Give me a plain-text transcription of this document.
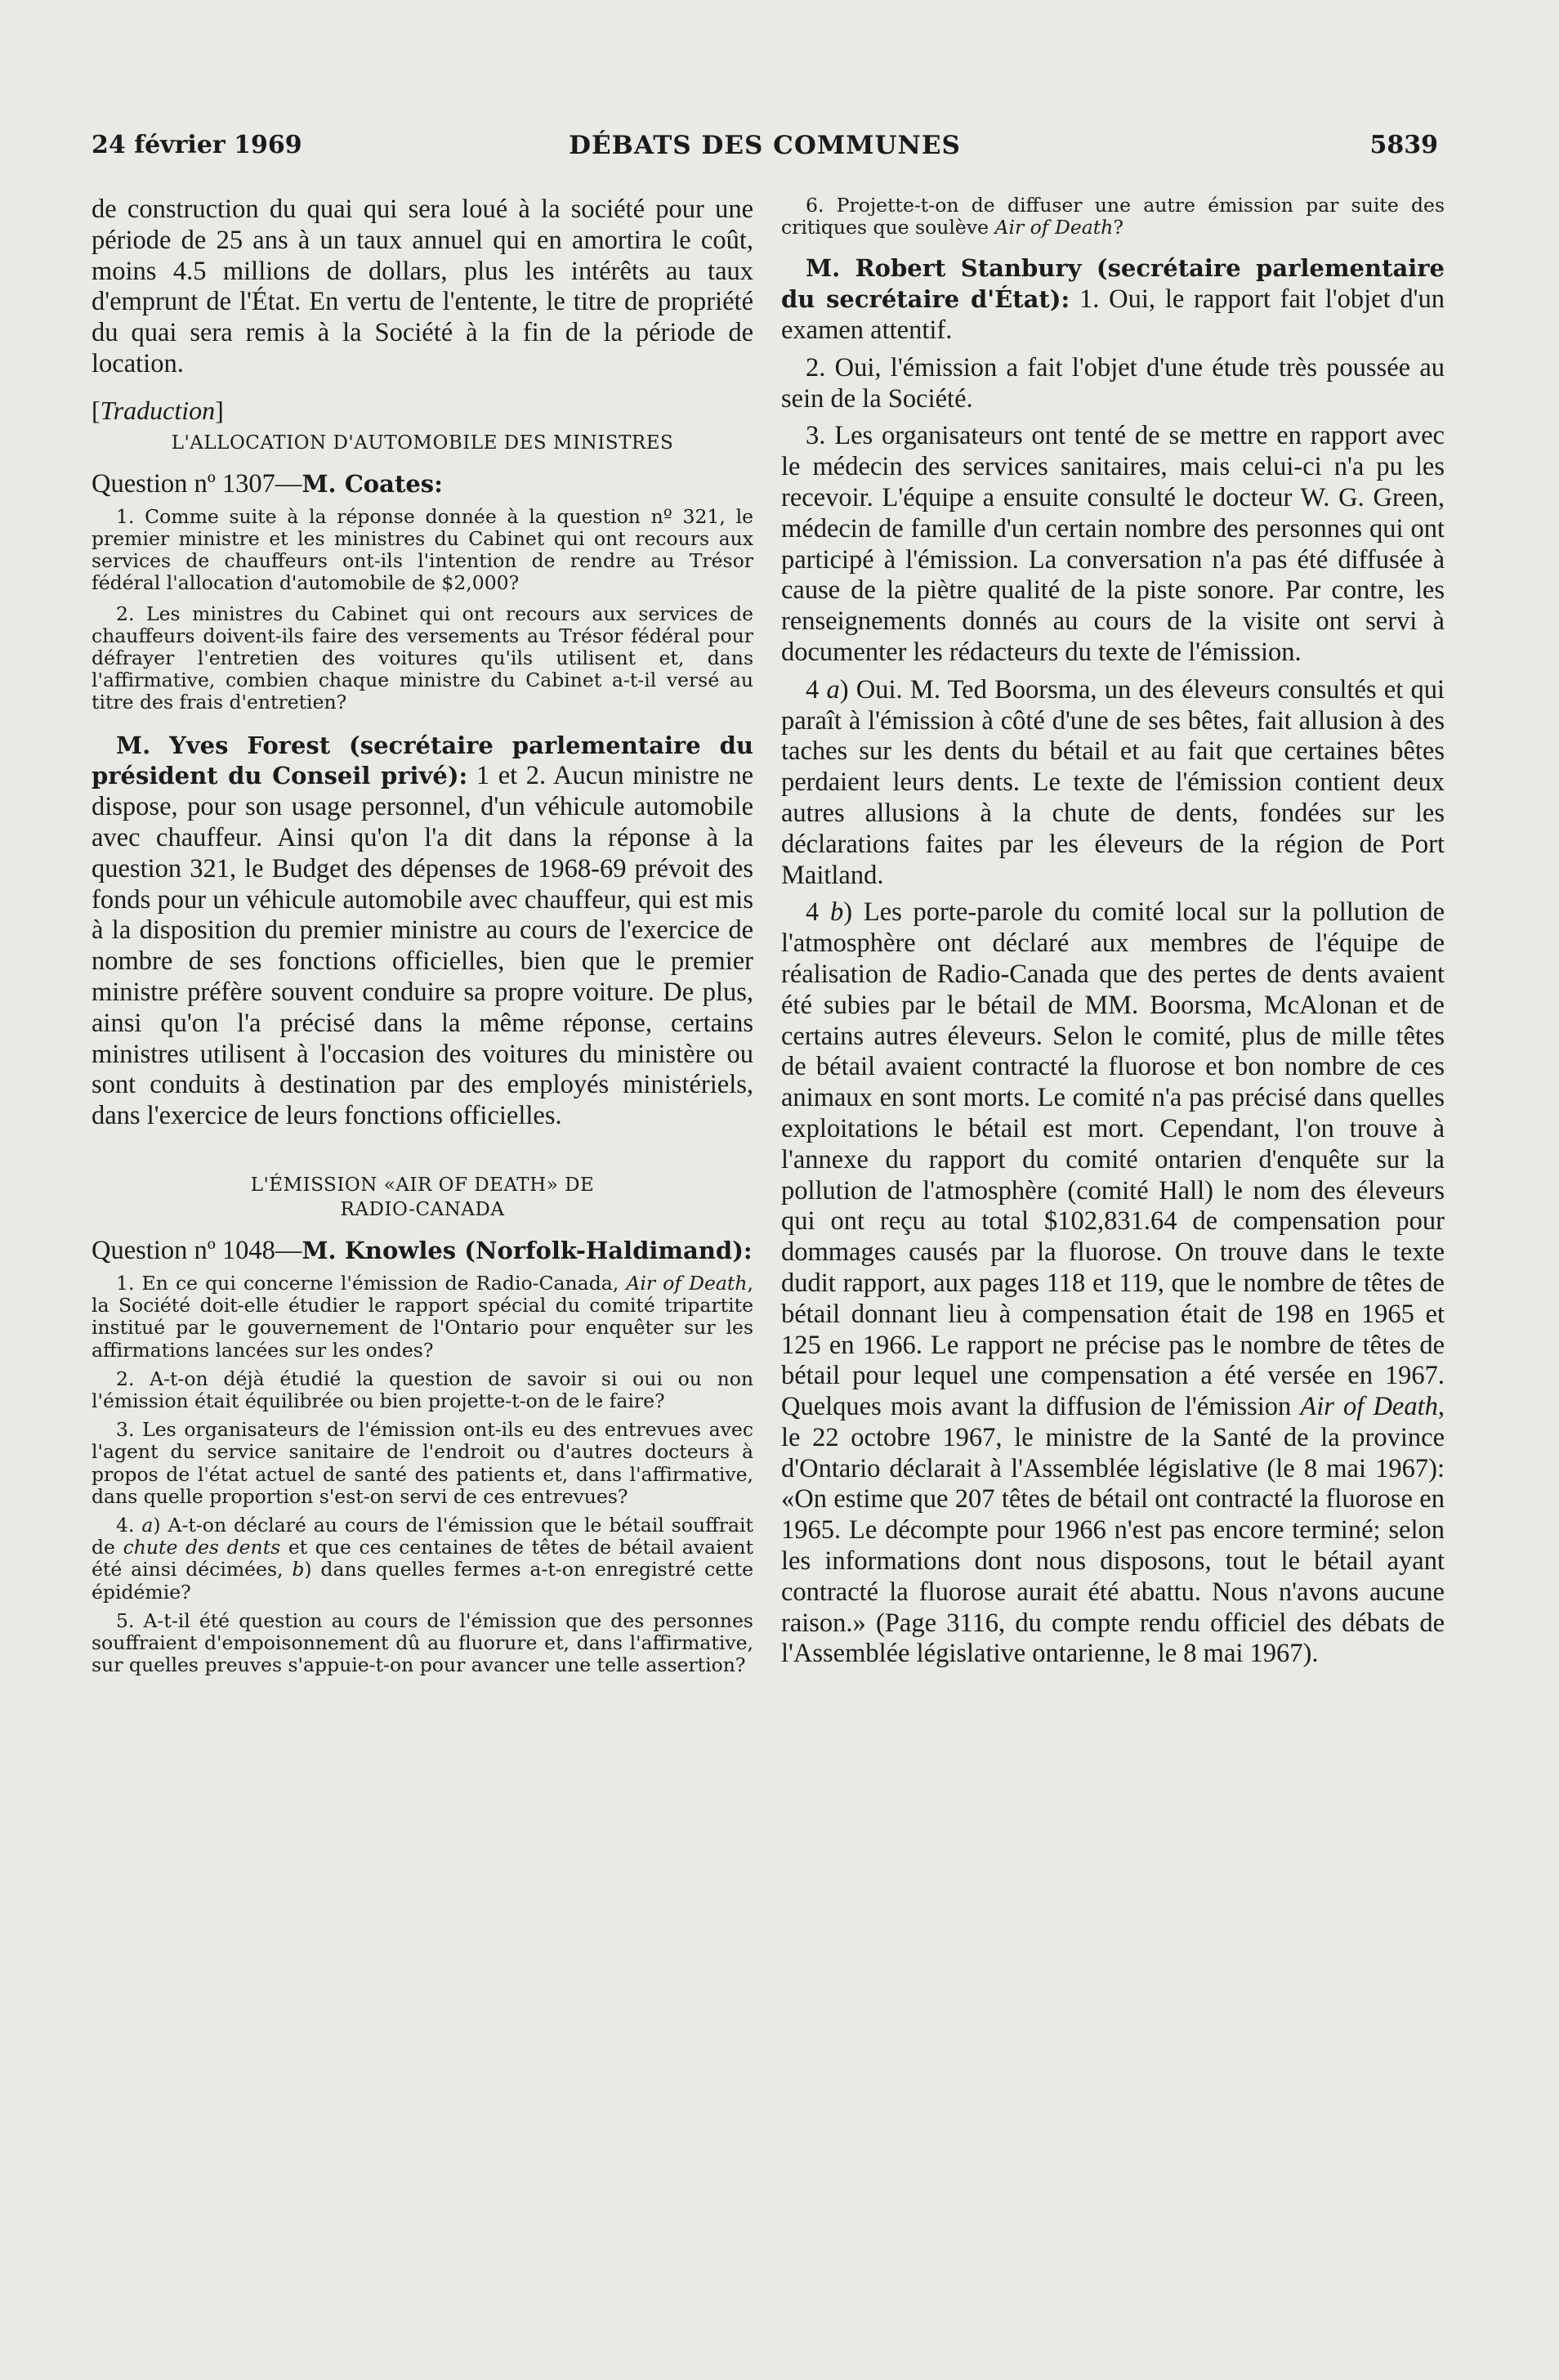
24 février 1969	DÉBATS DES COMMUNES	5839

de construction du quai qui sera loué à la société pour une période de 25 ans à un taux annuel qui en amortira le coût, moins 4.5 millions de dollars, plus les intérêts au taux d'emprunt de l'État. En vertu de l'entente, le titre de propriété du quai sera remis à la Société à la fin de la période de location.

[Traduction]

L'ALLOCATION D'AUTOMOBILE DES MINISTRES

Question nº 1307—M. Coates:

1. Comme suite à la réponse donnée à la question nº 321, le premier ministre et les ministres du Cabinet qui ont recours aux services de chauffeurs ont-ils l'intention de rendre au Trésor fédéral l'allocation d'automobile de $2,000?

2. Les ministres du Cabinet qui ont recours aux services de chauffeurs doivent-ils faire des versements au Trésor fédéral pour défrayer l'entretien des voitures qu'ils utilisent et, dans l'affirmative, combien chaque ministre du Cabinet a-t-il versé au titre des frais d'entretien?

M. Yves Forest (secrétaire parlementaire du président du Conseil privé): 1 et 2. Aucun ministre ne dispose, pour son usage personnel, d'un véhicule automobile avec chauffeur. Ainsi qu'on l'a dit dans la réponse à la question 321, le Budget des dépenses de 1968-69 prévoit des fonds pour un véhicule automobile avec chauffeur, qui est mis à la disposition du premier ministre au cours de l'exercice de nombre de ses fonctions officielles, bien que le premier ministre préfère souvent conduire sa propre voiture. De plus, ainsi qu'on l'a précisé dans la même réponse, certains ministres utilisent à l'occasion des voitures du ministère ou sont conduits à destination par des employés ministériels, dans l'exercice de leurs fonctions officielles.

L'ÉMISSION «AIR OF DEATH» DE
RADIO-CANADA

Question nº 1048—M. Knowles (Norfolk-Haldimand):

1. En ce qui concerne l'émission de Radio-Canada, Air of Death, la Société doit-elle étudier le rapport spécial du comité tripartite institué par le gouvernement de l'Ontario pour enquêter sur les affirmations lancées sur les ondes?

2. A-t-on déjà étudié la question de savoir si oui ou non l'émission était équilibrée ou bien projette-t-on de le faire?

3. Les organisateurs de l'émission ont-ils eu des entrevues avec l'agent du service sanitaire de l'endroit ou d'autres docteurs à propos de l'état actuel de santé des patients et, dans l'affirmative, dans quelle proportion s'est-on servi de ces entrevues?

4. a) A-t-on déclaré au cours de l'émission que le bétail souffrait de chute des dents et que ces centaines de têtes de bétail avaient été ainsi décimées, b) dans quelles fermes a-t-on enregistré cette épidémie?

5. A-t-il été question au cours de l'émission que des personnes souffraient d'empoisonnement dû au fluorure et, dans l'affirmative, sur quelles preuves s'appuie-t-on pour avancer une telle assertion?

6. Projette-t-on de diffuser une autre émission par suite des critiques que soulève Air of Death?

M. Robert Stanbury (secrétaire parlementaire du secrétaire d'État): 1. Oui, le rapport fait l'objet d'un examen attentif.

2. Oui, l'émission a fait l'objet d'une étude très poussée au sein de la Société.

3. Les organisateurs ont tenté de se mettre en rapport avec le médecin des services sanitaires, mais celui-ci n'a pu les recevoir. L'équipe a ensuite consulté le docteur W. G. Green, médecin de famille d'un certain nombre des personnes qui ont participé à l'émission. La conversation n'a pas été diffusée à cause de la piètre qualité de la piste sonore. Par contre, les renseignements donnés au cours de la visite ont servi à documenter les rédacteurs du texte de l'émission.

4 a) Oui. M. Ted Boorsma, un des éleveurs consultés et qui paraît à l'émission à côté d'une de ses bêtes, fait allusion à des taches sur les dents du bétail et au fait que certaines bêtes perdaient leurs dents. Le texte de l'émission contient deux autres allusions à la chute de dents, fondées sur les déclarations faites par les éleveurs de la région de Port Maitland.

4 b) Les porte-parole du comité local sur la pollution de l'atmosphère ont déclaré aux membres de l'équipe de réalisation de Radio-Canada que des pertes de dents avaient été subies par le bétail de MM. Boorsma, McAlonan et de certains autres éleveurs. Selon le comité, plus de mille têtes de bétail avaient contracté la fluorose et bon nombre de ces animaux en sont morts. Le comité n'a pas précisé dans quelles exploitations le bétail est mort. Cependant, l'on trouve à l'annexe du rapport du comité ontarien d'enquête sur la pollution de l'atmosphère (comité Hall) le nom des éleveurs qui ont reçu au total $102,831.64 de compensation pour dommages causés par la fluorose. On trouve dans le texte dudit rapport, aux pages 118 et 119, que le nombre de têtes de bétail donnant lieu à compensation était de 198 en 1965 et 125 en 1966. Le rapport ne précise pas le nombre de têtes de bétail pour lequel une compensation a été versée en 1967. Quelques mois avant la diffusion de l'émission Air of Death, le 22 octobre 1967, le ministre de la Santé de la province d'Ontario déclarait à l'Assemblée législative (le 8 mai 1967): «On estime que 207 têtes de bétail ont contracté la fluorose en 1965. Le décompte pour 1966 n'est pas encore terminé; selon les informations dont nous disposons, tout le bétail ayant contracté la fluorose aurait été abattu. Nous n'avons aucune raison.» (Page 3116, du compte rendu officiel des débats de l'Assemblée législative ontarienne, le 8 mai 1967).
